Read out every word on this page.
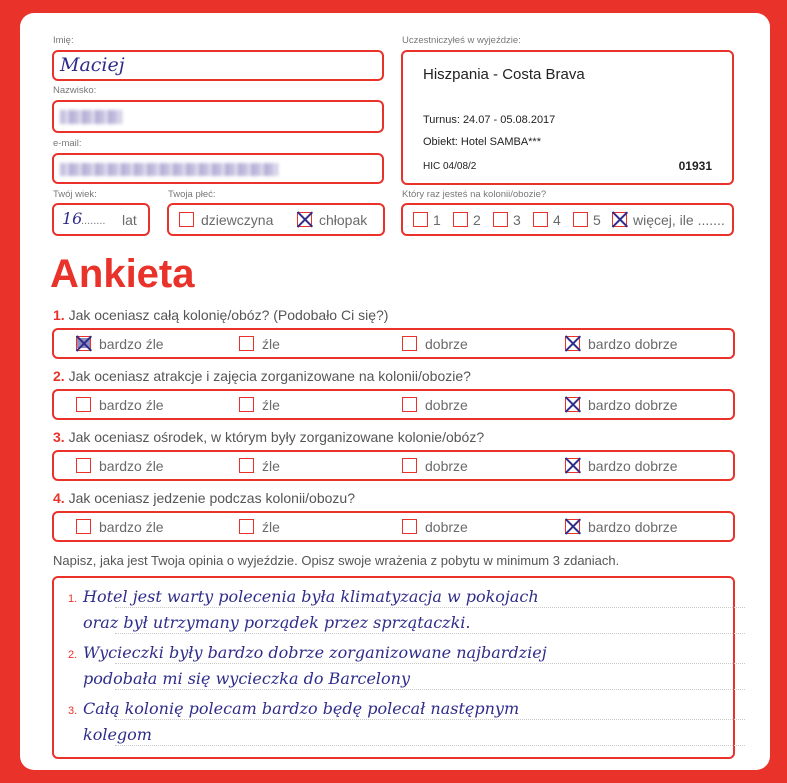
Imię:
Maciej
Nazwisko:
e-mail:
Twój wiek:
16
........ lat
Twoja płeć:
dziewczyna	chłopak
Uczestniczyłeś w wyjeździe:
Hiszpania - Costa Brava
Turnus: 24.07 - 05.08.2017
Obiekt: Hotel SAMBA***
HIC 04/08/2	01931
Który raz jesteś na kolonii/obozie?
1 2 3 4 5 więcej, ile .......
Ankieta
1. Jak oceniasz całą kolonię/obóz? (Podobało Ci się?)
bardzo źle	źle	dobrze	bardzo dobrze
2. Jak oceniasz atrakcje i zajęcia zorganizowane na kolonii/obozie?
bardzo źle	źle	dobrze	bardzo dobrze
3. Jak oceniasz ośrodek, w którym były zorganizowane kolonie/obóz?
bardzo źle	źle	dobrze	bardzo dobrze
4. Jak oceniasz jedzenie podczas kolonii/obozu?
bardzo źle	źle	dobrze	bardzo dobrze
Napisz, jaka jest Twoja opinia o wyjeździe. Opisz swoje wrażenia z pobytu w minimum 3 zdaniach.
Hotel jest warty polecenia była klimatyzacja w pokojach
oraz był utrzymany porządek przez sprzątaczki.
Wycieczki były bardzo dobrze zorganizowane najbardziej
podobała mi się wycieczka do Barcelony
Całą kolonię polecam bardzo będę polecał następnym
kolegom
1.
2.
3.
